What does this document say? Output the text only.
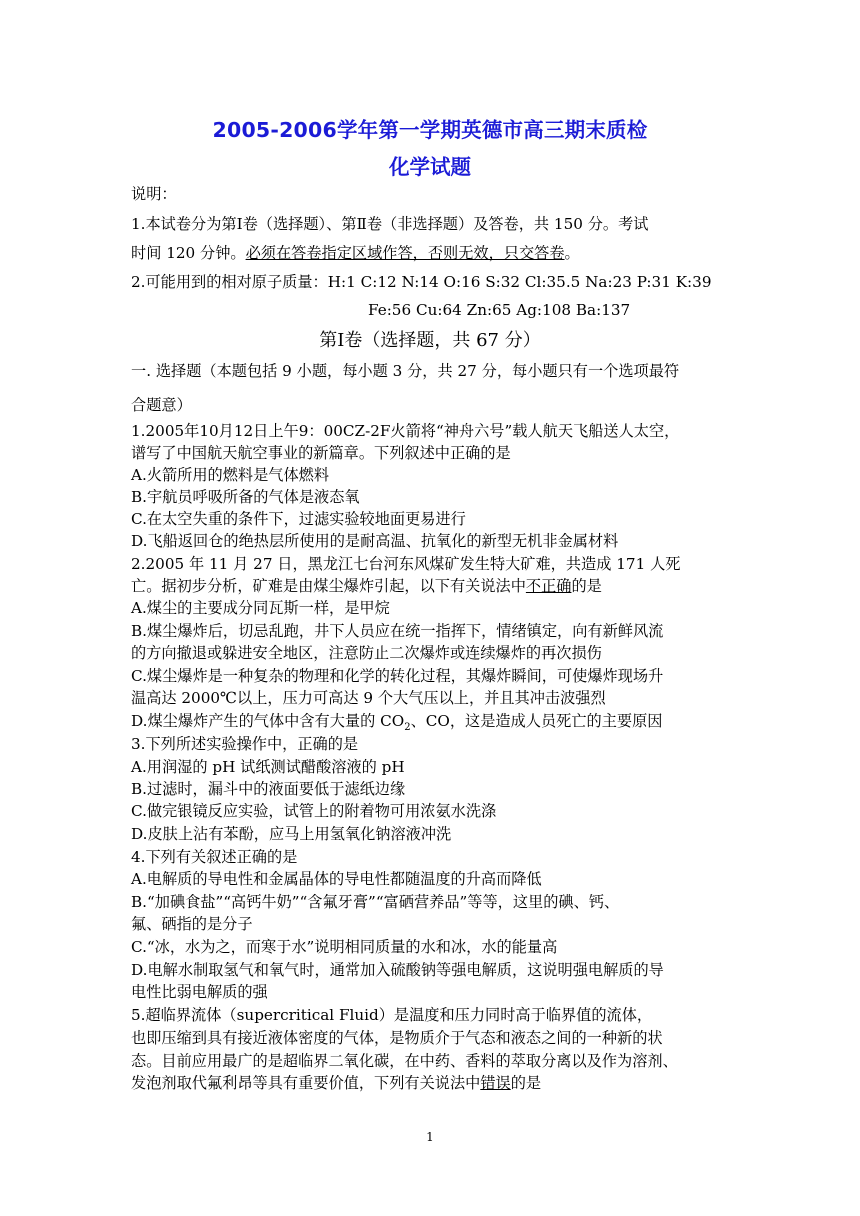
2005-2006学年第一学期英德市高三期末质检
化学试题
说明：
1.本试卷分为第Ⅰ卷（选择题）、第Ⅱ卷（非选择题）及答卷，共 150 分。考试
时间 120 分钟。必须在答卷指定区域作答，否则无效，只交答卷。
2.可能用到的相对原子质量：H:1 C:12 N:14 O:16 S:32 Cl:35.5 Na:23 P:31 K:39
Fe:56 Cu:64 Zn:65 Ag:108 Ba:137
第Ⅰ卷（选择题，共 67 分）
一. 选择题（本题包括 9 小题，每小题 3 分，共 27 分，每小题只有一个选项最符
合题意）
1.2005年10月12日上午9：00CZ-2F火箭将“神舟六号”载人航天飞船送人太空，
谱写了中国航天航空事业的新篇章。下列叙述中正确的是
A.火箭所用的燃料是气体燃料
B.宇航员呼吸所备的气体是液态氧
C.在太空失重的条件下，过滤实验较地面更易进行
D.飞船返回仓的绝热层所使用的是耐高温、抗氧化的新型无机非金属材料
2.2005 年 11 月 27 日，黑龙江七台河东风煤矿发生特大矿难，共造成 171 人死
亡。据初步分析，矿难是由煤尘爆炸引起，以下有关说法中不正确的是
A.煤尘的主要成分同瓦斯一样，是甲烷
B.煤尘爆炸后，切忌乱跑，井下人员应在统一指挥下，情绪镇定，向有新鲜风流
的方向撤退或躲进安全地区，注意防止二次爆炸或连续爆炸的再次损伤
C.煤尘爆炸是一种复杂的物理和化学的转化过程，其爆炸瞬间，可使爆炸现场升
温高达 2000℃以上，压力可高达 9 个大气压以上，并且其冲击波强烈
D.煤尘爆炸产生的气体中含有大量的 $CO_2$、CO，这是造成人员死亡的主要原因
3.下列所述实验操作中，正确的是
A.用润湿的 pH 试纸测试醋酸溶液的 pH
B.过滤时，漏斗中的液面要低于滤纸边缘
C.做完银镜反应实验，试管上的附着物可用浓氨水洗涤
D.皮肤上沾有苯酚，应马上用氢氧化钠溶液冲洗
4.下列有关叙述正确的是
A.电解质的导电性和金属晶体的导电性都随温度的升高而降低
B.“加碘食盐”“高钙牛奶”“含氟牙膏”“富硒营养品”等等，这里的碘、钙、
氟、硒指的是分子
C.“冰，水为之，而寒于水”说明相同质量的水和冰，水的能量高
D.电解水制取氢气和氧气时，通常加入硫酸钠等强电解质，这说明强电解质的导
电性比弱电解质的强
5.超临界流体（supercritical Fluid）是温度和压力同时高于临界值的流体，
也即压缩到具有接近液体密度的气体，是物质介于气态和液态之间的一种新的状
态。目前应用最广的是超临界二氧化碳，在中药、香料的萃取分离以及作为溶剂、
发泡剂取代氟利昂等具有重要价值，下列有关说法中错误的是
1
